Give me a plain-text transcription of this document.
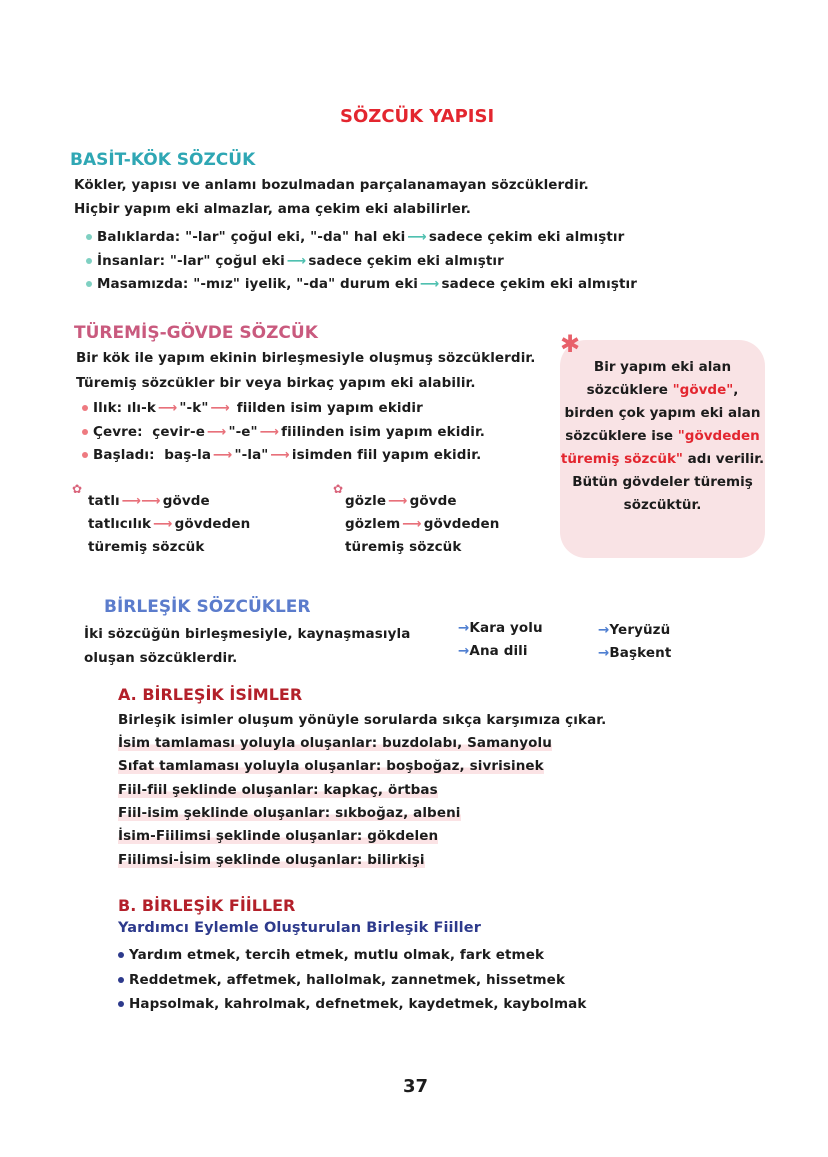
SÖZCÜK YAPISI
BASİT-KÖK SÖZCÜK
Kökler, yapısı ve anlamı bozulmadan parçalanamayan sözcüklerdir.
Hiçbir yapım eki almazlar, ama çekim eki alabilirler.
Balıklarda: "-lar" çoğul eki, "-da" hal eki ⟶ sadece çekim eki almıştır
İnsanlar: "-lar" çoğul eki ⟶ sadece çekim eki almıştır
Masamızda: "-mız" iyelik, "-da" durum eki ⟶ sadece çekim eki almıştır
TÜREMİŞ-GÖVDE SÖZCÜK
Bir kök ile yapım ekinin birleşmesiyle oluşmuş sözcüklerdir.
Türemiş sözcükler bir veya birkaç yapım eki alabilir.
Ilık: ılı-k ⟶ "-k" ⟶ fiilden isim yapım ekidir
Çevre: çevir-e ⟶ "-e" ⟶ fiilinden isim yapım ekidir.
Başladı: baş-la ⟶ "-la" ⟶ isimden fiil yapım ekidir.
✿
tatlı ⟶⟶ gövde
tatlıcılık ⟶ gövdeden
türemiş sözcük
✿
gözle ⟶ gövde
gözlem ⟶ gövdeden
türemiş sözcük
✱
Bir yapım eki alan sözcüklere "gövde", birden çok yapım eki alan sözcüklere ise "gövdeden türemiş sözcük" adı verilir. Bütün gövdeler türemiş sözcüktür.
BİRLEŞİK SÖZCÜKLER
İki sözcüğün birleşmesiyle, kaynaşmasıyla
oluşan sözcüklerdir.
→Kara yolu
→Ana dili
→Yeryüzü
→Başkent
A. BİRLEŞİK İSİMLER
Birleşik isimler oluşum yönüyle sorularda sıkça karşımıza çıkar.
İsim tamlaması yoluyla oluşanlar: buzdolabı, Samanyolu
Sıfat tamlaması yoluyla oluşanlar: boşboğaz, sivrisinek
Fiil-fiil şeklinde oluşanlar: kapkaç, örtbas
Fiil-isim şeklinde oluşanlar: sıkboğaz, albeni
İsim-Fiilimsi şeklinde oluşanlar: gökdelen
Fiilimsi-İsim şeklinde oluşanlar: bilirkişi
B. BİRLEŞİK FİİLLER
Yardımcı Eylemle Oluşturulan Birleşik Fiiller
Yardım etmek, tercih etmek, mutlu olmak, fark etmek
Reddetmek, affetmek, hallolmak, zannetmek, hissetmek
Hapsolmak, kahrolmak, defnetmek, kaydetmek, kaybolmak
37
